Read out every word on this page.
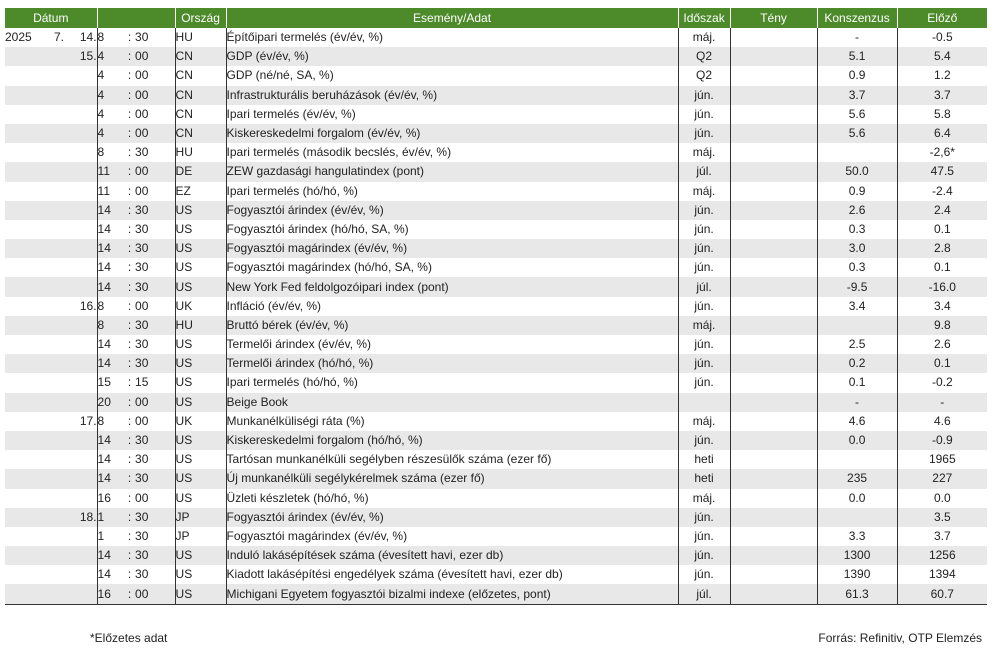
Dátum						Ország	Esemény/Adat	Időszak	Tény	Konszenzus	Előző
2025	7.	14.	8	:	30	HU	Építőipari termelés (év/év, %)	máj.		-	-0.5
		15.	4	:	00	CN	GDP (év/év, %)	Q2		5.1	5.4
			4	:	00	CN	GDP (né/né, SA, %)	Q2		0.9	1.2
			4	:	00	CN	Infrastrukturális beruházások (év/év, %)	jún.		3.7	3.7
			4	:	00	CN	Ipari termelés (év/év, %)	jún.		5.6	5.8
			4	:	00	CN	Kiskereskedelmi forgalom (év/év, %)	jún.		5.6	6.4
			8	:	30	HU	Ipari termelés (második becslés, év/év, %)	máj.			-2,6*
			11	:	00	DE	ZEW gazdasági hangulatindex (pont)	júl.		50.0	47.5
			11	:	00	EZ	Ipari termelés (hó/hó, %)	máj.		0.9	-2.4
			14	:	30	US	Fogyasztói árindex (év/év, %)	jún.		2.6	2.4
			14	:	30	US	Fogyasztói árindex (hó/hó, SA, %)	jún.		0.3	0.1
			14	:	30	US	Fogyasztói magárindex (év/év, %)	jún.		3.0	2.8
			14	:	30	US	Fogyasztói magárindex (hó/hó, SA, %)	jún.		0.3	0.1
			14	:	30	US	New York Fed feldolgozóipari index (pont)	júl.		-9.5	-16.0
		16.	8	:	00	UK	Infláció (év/év, %)	jún.		3.4	3.4
			8	:	30	HU	Bruttó bérek (év/év, %)	máj.			9.8
			14	:	30	US	Termelői árindex (év/év, %)	jún.		2.5	2.6
			14	:	30	US	Termelői árindex (hó/hó, %)	jún.		0.2	0.1
			15	:	15	US	Ipari termelés (hó/hó, %)	jún.		0.1	-0.2
			20	:	00	US	Beige Book			-	-
		17.	8	:	00	UK	Munkanélküliségi ráta (%)	máj.		4.6	4.6
			14	:	30	US	Kiskereskedelmi forgalom (hó/hó, %)	jún.		0.0	-0.9
			14	:	30	US	Tartósan munkanélküli segélyben részesülők száma (ezer fő)	heti			1965
			14	:	30	US	Új munkanélküli segélykérelmek száma (ezer fő)	heti		235	227
			16	:	00	US	Üzleti készletek (hó/hó, %)	máj.		0.0	0.0
		18.	1	:	30	JP	Fogyasztói árindex (év/év, %)	jún.			3.5
			1	:	30	JP	Fogyasztói magárindex (év/év, %)	jún.		3.3	3.7
			14	:	30	US	Induló lakásépítések száma (évesített havi, ezer db)	jún.		1300	1256
			14	:	30	US	Kiadott lakásépítési engedélyek száma (évesített havi, ezer db)	jún.		1390	1394
			16	:	00	US	Michigani Egyetem fogyasztói bizalmi indexe (előzetes, pont)	júl.		61.3	60.7
*Előzetes adat	Forrás: Refinitiv, OTP Elemzés
